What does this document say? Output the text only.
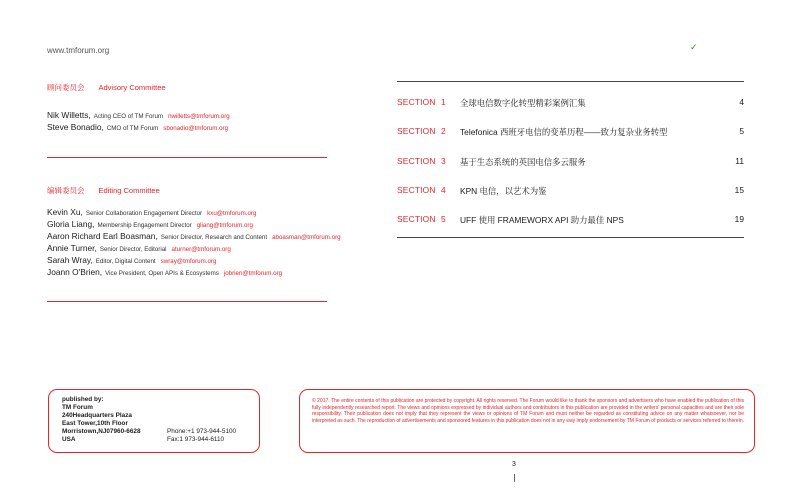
www.tmforum.org	✓
顾问委员会 Advisory Committee
Nik Willetts, Acting CEO of TM Forum nwilletts@tmforum.org
Steve Bonadio, CMO of TM Forum sbonadio@tmforum.org
编辑委员会 Editing Committee
Kevin Xu, Senior Collaboration Engagement Director kxu@tmforum.org
Gloria Liang, Membership Engagement Director gliang@tmforum.org
Aaron Richard Earl Boasman, Senior Director, Research and Content aboasman@tmforum.org
Annie Turner, Senior Director, Editorial aturner@tmforum.org
Sarah Wray, Editor, Digital Content swray@tmforum.org
Joann O'Brien, Vice President, Open APIs & Ecosystems jobrien@tmforum.org
SECTION 1 全球电信数字化转型精彩案例汇集	4
SECTION 2 Telefonica 西班牙电信的变革历程——致力复杂业务转型	5
SECTION 3 基于生态系统的英国电信多云服务	11
SECTION 4 KPN 电信，以艺术为鉴	15
SECTION 5 UFF 使用 FRAMEWORX API 助力最佳 NPS	19
published by:
TM Forum
240Headquarters Plaza
East Tower,10th Floor
Morristown,NJ07960-6628
USA
Phone:+1 973-944-5100
Fax:1 973-944-6110

© 2017. The entire contents of this publication are protected by copyright. All rights reserved. The Forum would like to thank the sponsors and advertisers who have enabled the publication of this fully independently researched report. The views and opinions expressed by individual authors and contributors in this publication are provided in the writers' personal capacities and are their sole responsibility. Their publication does not imply that they represent the views or opinions of TM Forum and must neither be regarded as constituting advice on any matter whatsoever, nor be interpreted as such. The reproduction of advertisements and sponsored features in this publication does not in any way imply endorsement by TM Forum of products or services referred to therein.

3
